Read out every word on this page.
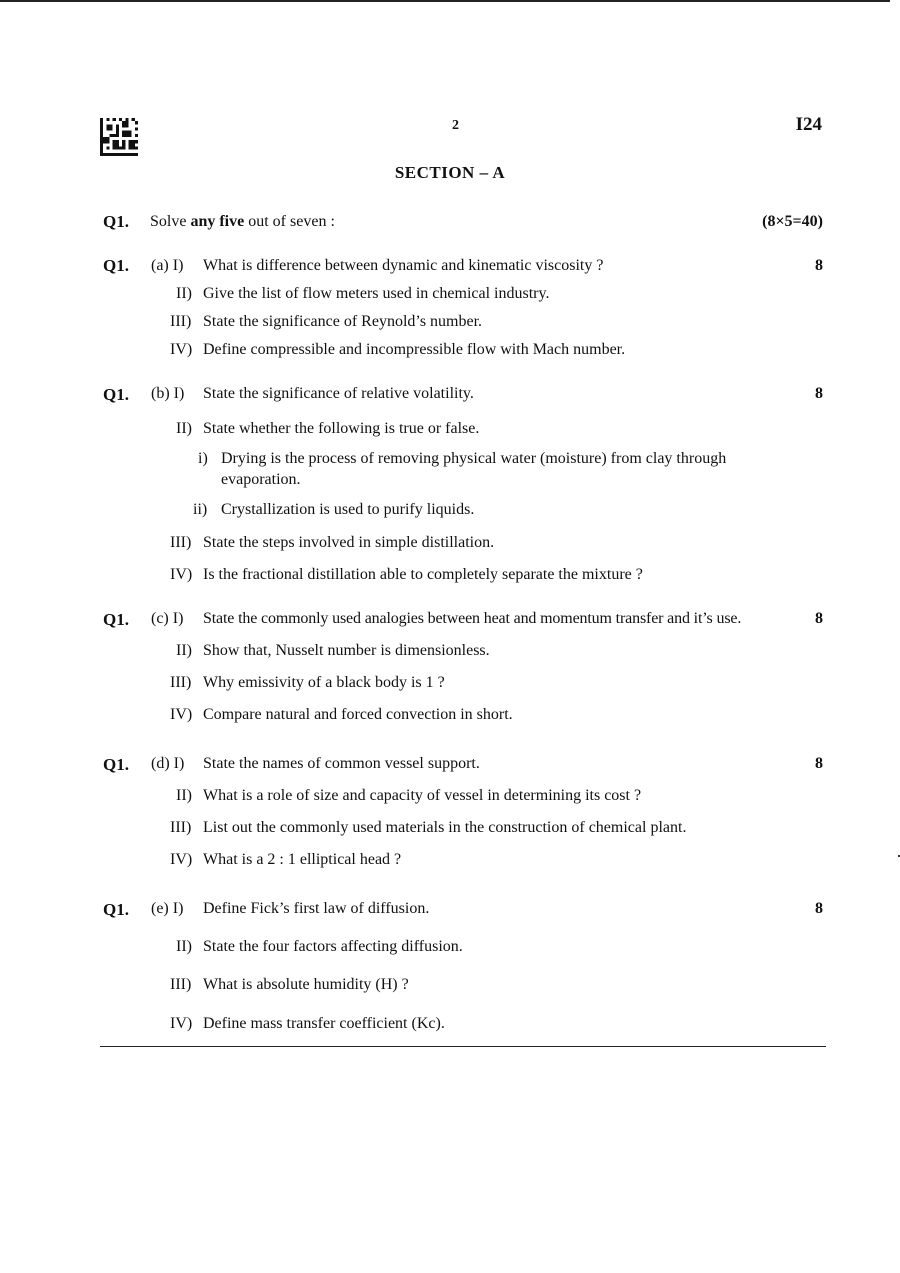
2	I24
SECTION – A
Q1. Solve any five out of seven :	(8×5=40)
Q1.	8
(a) I) What is difference between dynamic and kinematic viscosity ?
II) Give the list of flow meters used in chemical industry.
III) State the significance of Reynold’s number.
IV) Define compressible and incompressible flow with Mach number.
Q1.	8
(b) I) State the significance of relative volatility.
II) State whether the following is true or false.
i) Drying is the process of removing physical water (moisture) from clay through
evaporation.
ii) Crystallization is used to purify liquids.
III) State the steps involved in simple distillation.
IV) Is the fractional distillation able to completely separate the mixture ?
Q1.	8
(c) I) State the commonly used analogies between heat and momentum transfer and it’s use.
II) Show that, Nusselt number is dimensionless.
III) Why emissivity of a black body is 1 ?
IV) Compare natural and forced convection in short.
Q1.	8
(d) I) State the names of common vessel support.
II) What is a role of size and capacity of vessel in determining its cost ?
III) List out the commonly used materials in the construction of chemical plant.
IV) What is a 2 : 1 elliptical head ?
Q1.	8
(e) I) Define Fick’s first law of diffusion.
II) State the four factors affecting diffusion.
III) What is absolute humidity (H) ?
IV) Define mass transfer coefficient (Kc).
